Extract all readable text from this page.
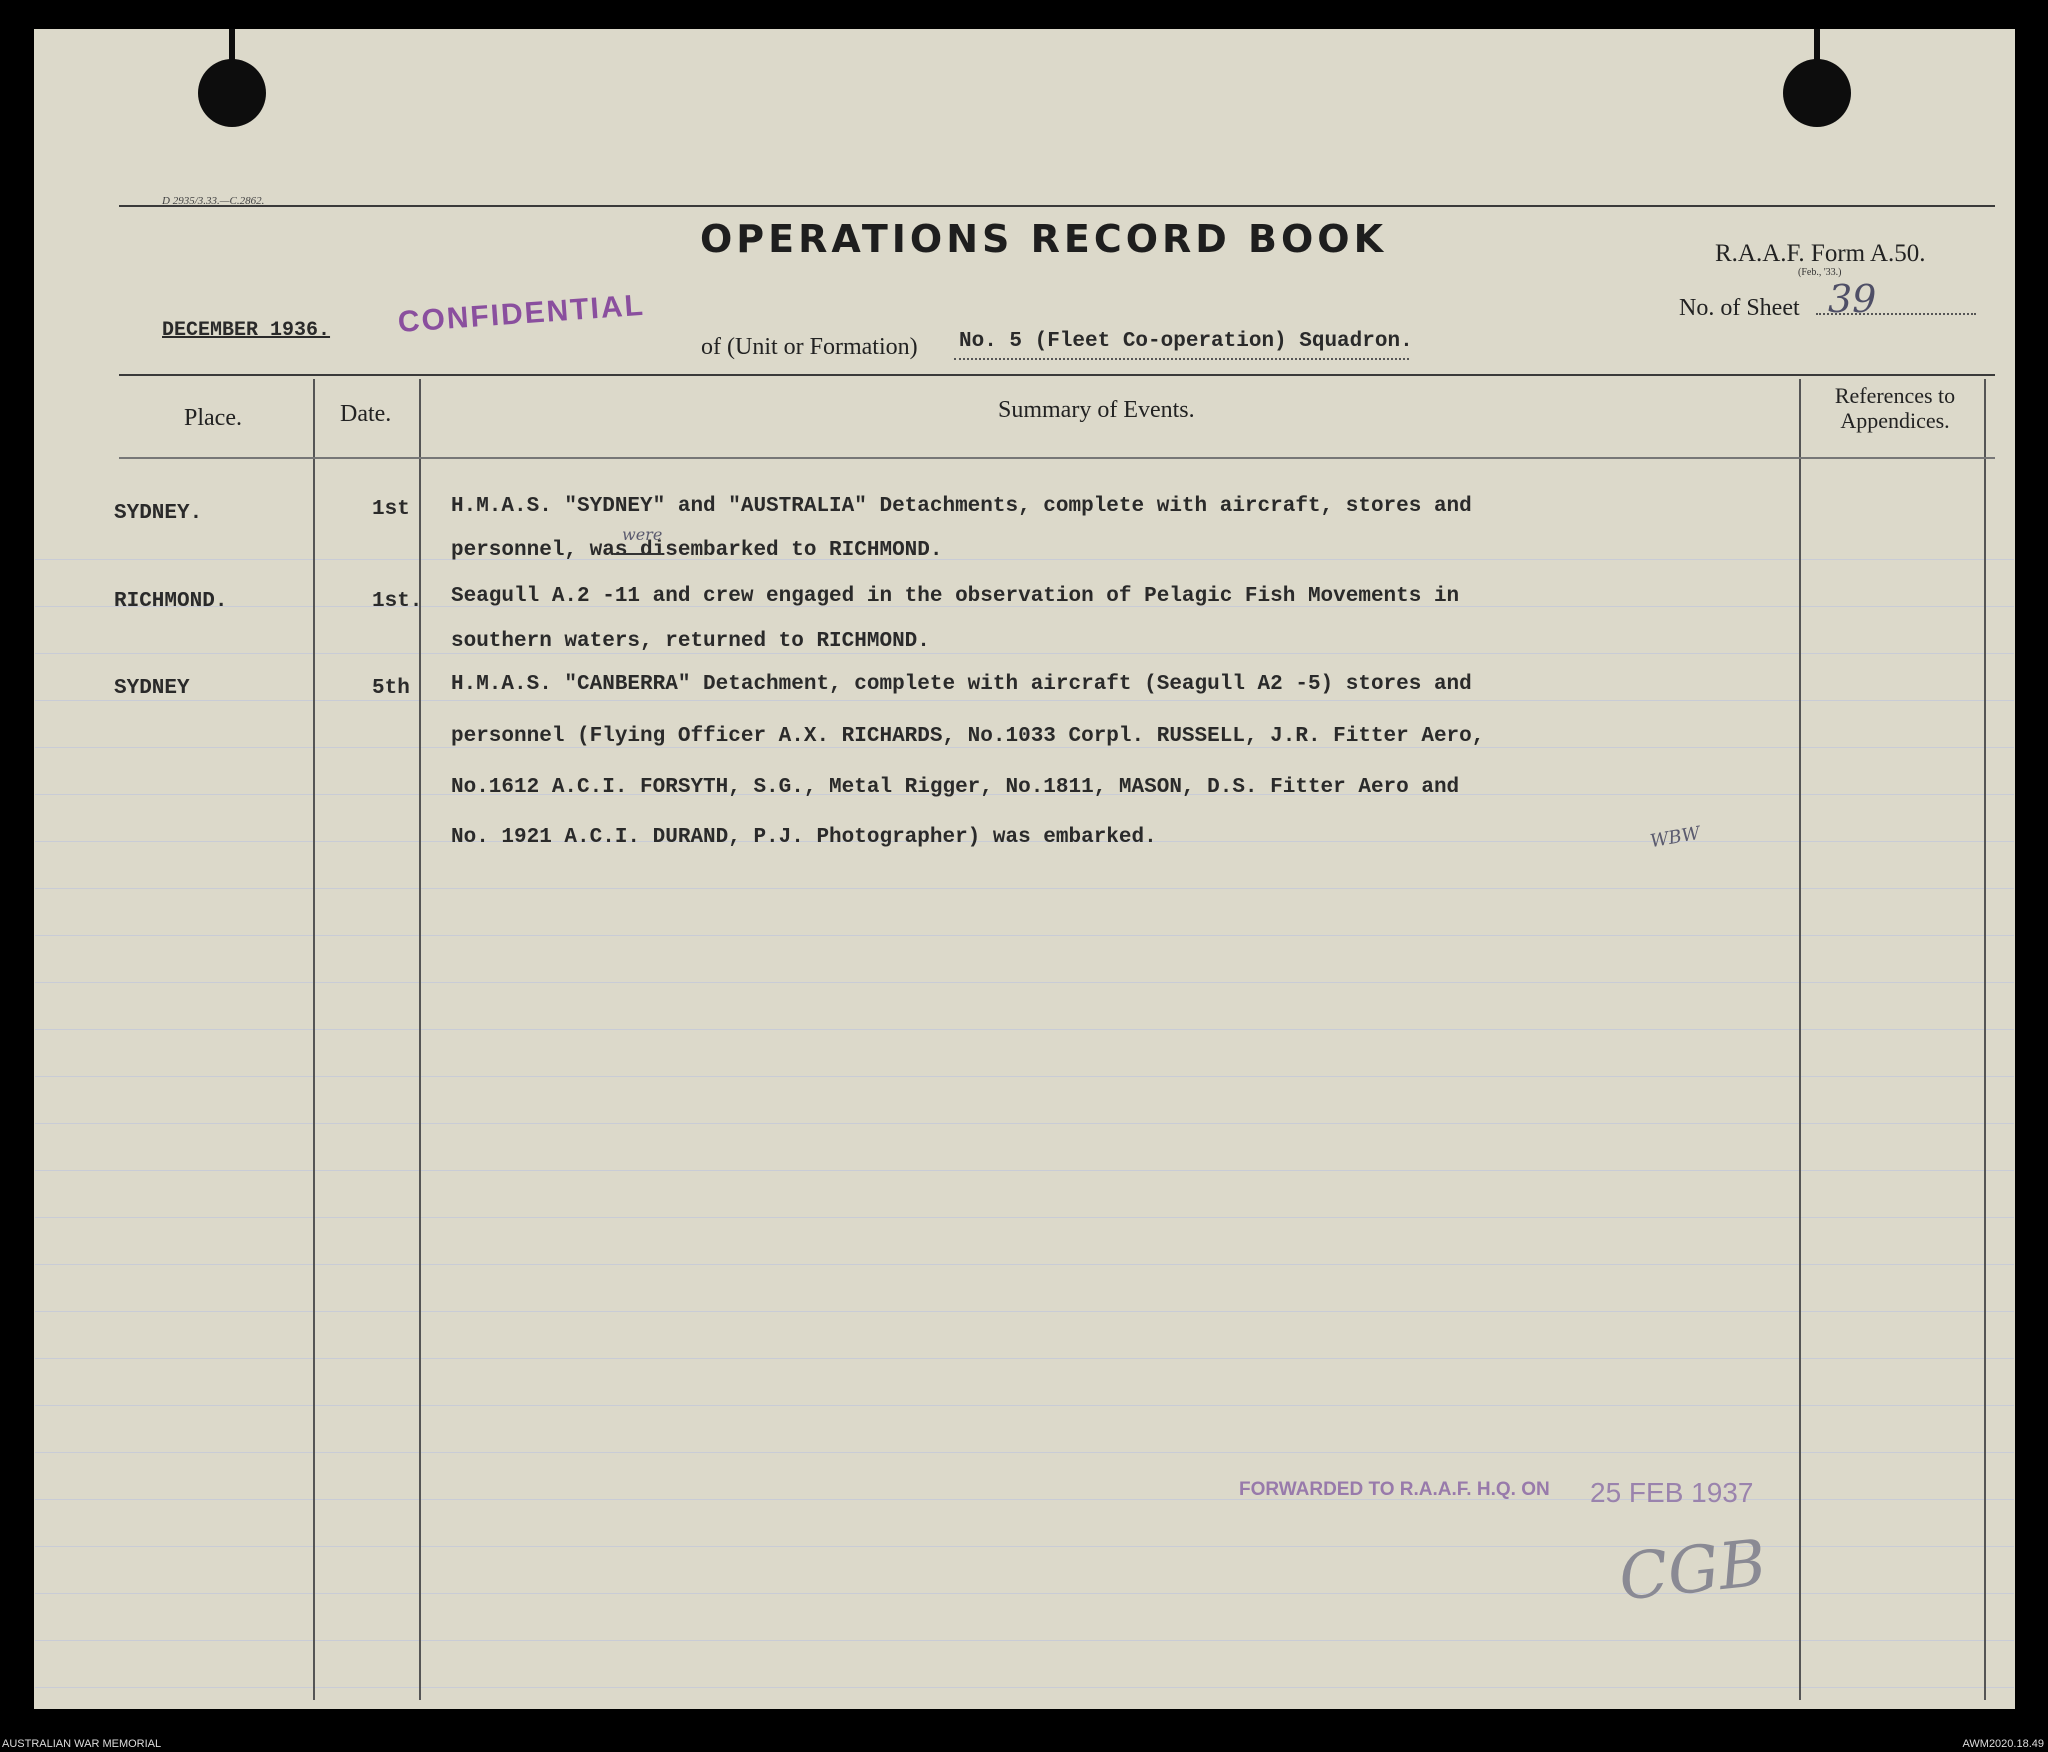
D 2935/3.33.—C.2862.
OPERATIONS RECORD BOOK	R.A.A.F. Form A.50.
(Feb., '33.)
DECEMBER 1936. CONFIDENTIAL	No. of Sheet 39
of (Unit or Formation) No. 5 (Fleet Co-operation) Squadron.
Place.	Date.	Summary of Events.
References to Appendices.
SYDNEY.	1st H.M.A.S. "SYDNEY" and "AUSTRALIA" Detachments, complete with aircraft, stores and
personnel, was disembarked to RICHMOND.
were
RICHMOND.	1st. Seagull A.2 -11 and crew engaged in the observation of Pelagic Fish Movements in
southern waters, returned to RICHMOND.
SYDNEY	5th H.M.A.S. "CANBERRA" Detachment, complete with aircraft (Seagull A2 -5) stores and
personnel (Flying Officer A.X. RICHARDS, No.1033 Corpl. RUSSELL, J.R. Fitter Aero,
No.1612 A.C.I. FORSYTH, S.G., Metal Rigger, No.1811, MASON, D.S. Fitter Aero and
No. 1921 A.C.I. DURAND, P.J. Photographer) was embarked.	WBW
FORWARDED TO R.A.A.F. H.Q. ON 25 FEB 1937
CGB
AUSTRALIAN WAR MEMORIAL	AWM2020.18.49
